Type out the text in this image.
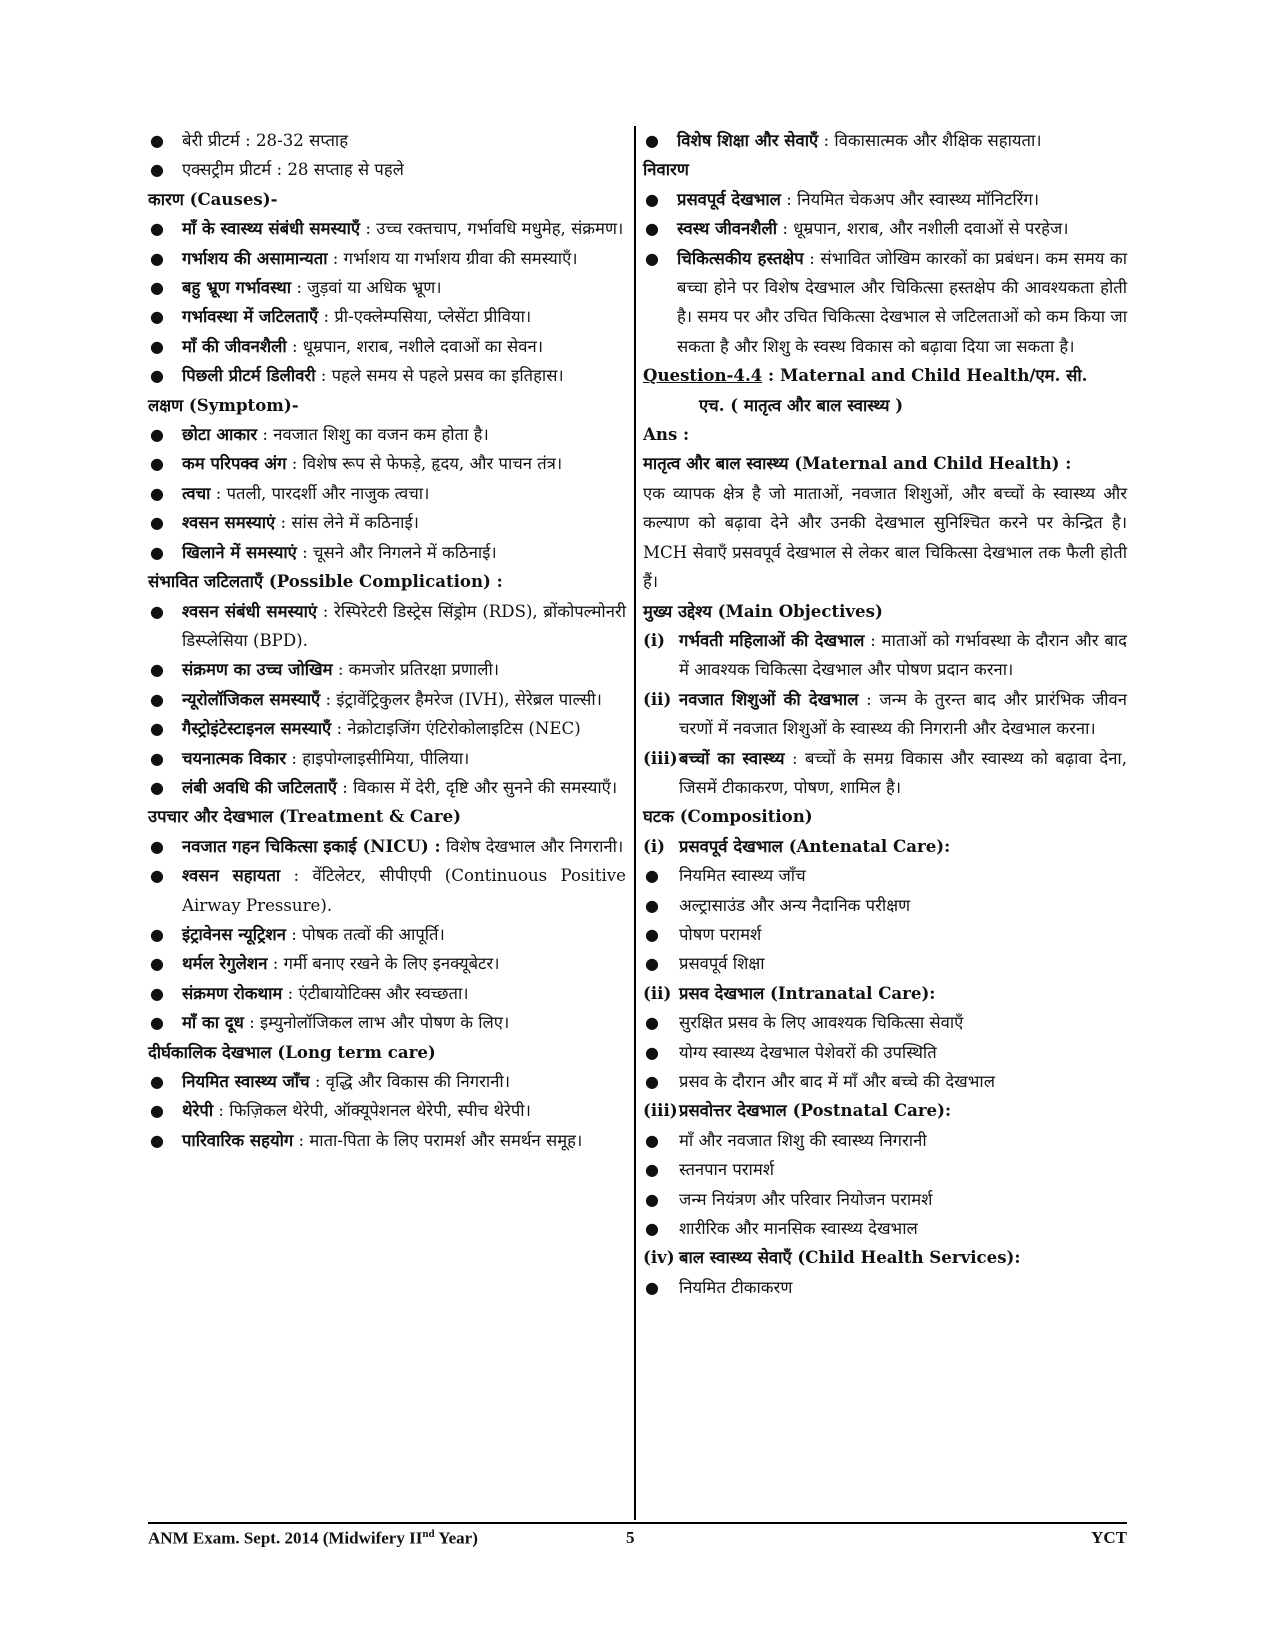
● बेरी प्रीटर्म : 28-32 सप्ताह
● एक्सट्रीम प्रीटर्म : 28 सप्ताह से पहले
कारण (Causes)-
● माँ के स्वास्थ्य संबंधी समस्याएँ : उच्च रक्तचाप, गर्भावधि मधुमेह, संक्रमण।
● गर्भाशय की असामान्यता : गर्भाशय या गर्भाशय ग्रीवा की समस्याएँ।
● बहु भ्रूण गर्भावस्था : जुड़वां या अधिक भ्रूण।
● गर्भावस्था में जटिलताएँ : प्री-एक्लेम्पसिया, प्लेसेंटा प्रीविया।
● माँ की जीवनशैली : धूम्रपान, शराब, नशीले दवाओं का सेवन।
● पिछली प्रीटर्म डिलीवरी : पहले समय से पहले प्रसव का इतिहास।
लक्षण (Symptom)-
● छोटा आकार : नवजात शिशु का वजन कम होता है।
● कम परिपक्व अंग : विशेष रूप से फेफड़े, हृदय, और पाचन तंत्र।
● त्वचा : पतली, पारदर्शी और नाजुक त्वचा।
● श्वसन समस्याएं : सांस लेने में कठिनाई।
● खिलाने में समस्याएं : चूसने और निगलने में कठिनाई।
संभावित जटिलताएँ (Possible Complication) :
● श्वसन संबंधी समस्याएं : रेस्पिरेटरी डिस्ट्रेस सिंड्रोम (RDS), ब्रोंकोपल्मोनरी डिस्प्लेसिया (BPD).
● संक्रमण का उच्च जोखिम : कमजोर प्रतिरक्षा प्रणाली।
● न्यूरोलॉजिकल समस्याएँ : इंट्रावेंट्रिकुलर हैमरेज (IVH), सेरेब्रल पाल्सी।
● गैस्ट्रोइंटेस्टाइनल समस्याएँ : नेक्रोटाइजिंग एंटिरोकोलाइटिस (NEC)
● चयनात्मक विकार : हाइपोग्लाइसीमिया, पीलिया।
● लंबी अवधि की जटिलताएँ : विकास में देरी, दृष्टि और सुनने की समस्याएँ।
उपचार और देखभाल (Treatment & Care)
● नवजात गहन चिकित्सा इकाई (NICU) : विशेष देखभाल और निगरानी।
● श्वसन सहायता : वेंटिलेटर, सीपीएपी (Continuous Positive Airway Pressure).
● इंट्रावेनस न्यूट्रिशन : पोषक तत्वों की आपूर्ति।
● थर्मल रेगुलेशन : गर्मी बनाए रखने के लिए इनक्यूबेटर।
● संक्रमण रोकथाम : एंटीबायोटिक्स और स्वच्छता।
● माँ का दूध : इम्युनोलॉजिकल लाभ और पोषण के लिए।
दीर्घकालिक देखभाल (Long term care)
● नियमित स्वास्थ्य जाँच : वृद्धि और विकास की निगरानी।
● थेरेपी : फिज़िकल थेरेपी, ऑक्यूपेशनल थेरेपी, स्पीच थेरेपी।
● पारिवारिक सहयोग : माता-पिता के लिए परामर्श और समर्थन समूह।
● विशेष शिक्षा और सेवाएँ : विकासात्मक और शैक्षिक सहायता।
निवारण
● प्रसवपूर्व देखभाल : नियमित चेकअप और स्वास्थ्य मॉनिटरिंग।
● स्वस्थ जीवनशैली : धूम्रपान, शराब, और नशीली दवाओं से परहेज।
● चिकित्सकीय हस्तक्षेप : संभावित जोखिम कारकों का प्रबंधन। कम समय का बच्चा होने पर विशेष देखभाल और चिकित्सा हस्तक्षेप की आवश्यकता होती है। समय पर और उचित चिकित्सा देखभाल से जटिलताओं को कम किया जा सकता है और शिशु के स्वस्थ विकास को बढ़ावा दिया जा सकता है।
Question-4.4 : Maternal and Child Health/एम. सी.
एच. ( मातृत्व और बाल स्वास्थ्य )
Ans :
मातृत्व और बाल स्वास्थ्य (Maternal and Child Health) :
एक व्यापक क्षेत्र है जो माताओं, नवजात शिशुओं, और बच्चों के स्वास्थ्य और कल्याण को बढ़ावा देने और उनकी देखभाल सुनिश्चित करने पर केन्द्रित है। MCH सेवाएँ प्रसवपूर्व देखभाल से लेकर बाल चिकित्सा देखभाल तक फैली होती हैं।
मुख्य उद्देश्य (Main Objectives)
(i) गर्भवती महिलाओं की देखभाल : माताओं को गर्भावस्था के दौरान और बाद में आवश्यक चिकित्सा देखभाल और पोषण प्रदान करना।
(ii) नवजात शिशुओं की देखभाल : जन्म के तुरन्त बाद और प्रारंभिक जीवन चरणों में नवजात शिशुओं के स्वास्थ्य की निगरानी और देखभाल करना।
(iii) बच्चों का स्वास्थ्य : बच्चों के समग्र विकास और स्वास्थ्य को बढ़ावा देना, जिसमें टीकाकरण, पोषण, शामिल है।
घटक (Composition)
(i) प्रसवपूर्व देखभाल (Antenatal Care):
● नियमित स्वास्थ्य जाँच
● अल्ट्रासाउंड और अन्य नैदानिक परीक्षण
● पोषण परामर्श
● प्रसवपूर्व शिक्षा
(ii) प्रसव देखभाल (Intranatal Care):
● सुरक्षित प्रसव के लिए आवश्यक चिकित्सा सेवाएँ
● योग्य स्वास्थ्य देखभाल पेशेवरों की उपस्थिति
● प्रसव के दौरान और बाद में माँ और बच्चे की देखभाल
(iii) प्रसवोत्तर देखभाल (Postnatal Care):
● माँ और नवजात शिशु की स्वास्थ्य निगरानी
● स्तनपान परामर्श
● जन्म नियंत्रण और परिवार नियोजन परामर्श
● शारीरिक और मानसिक स्वास्थ्य देखभाल
(iv) बाल स्वास्थ्य सेवाएँ (Child Health Services):
● नियमित टीकाकरण
ANM Exam. Sept. 2014 (Midwifery IInd Year)	5	YCT
